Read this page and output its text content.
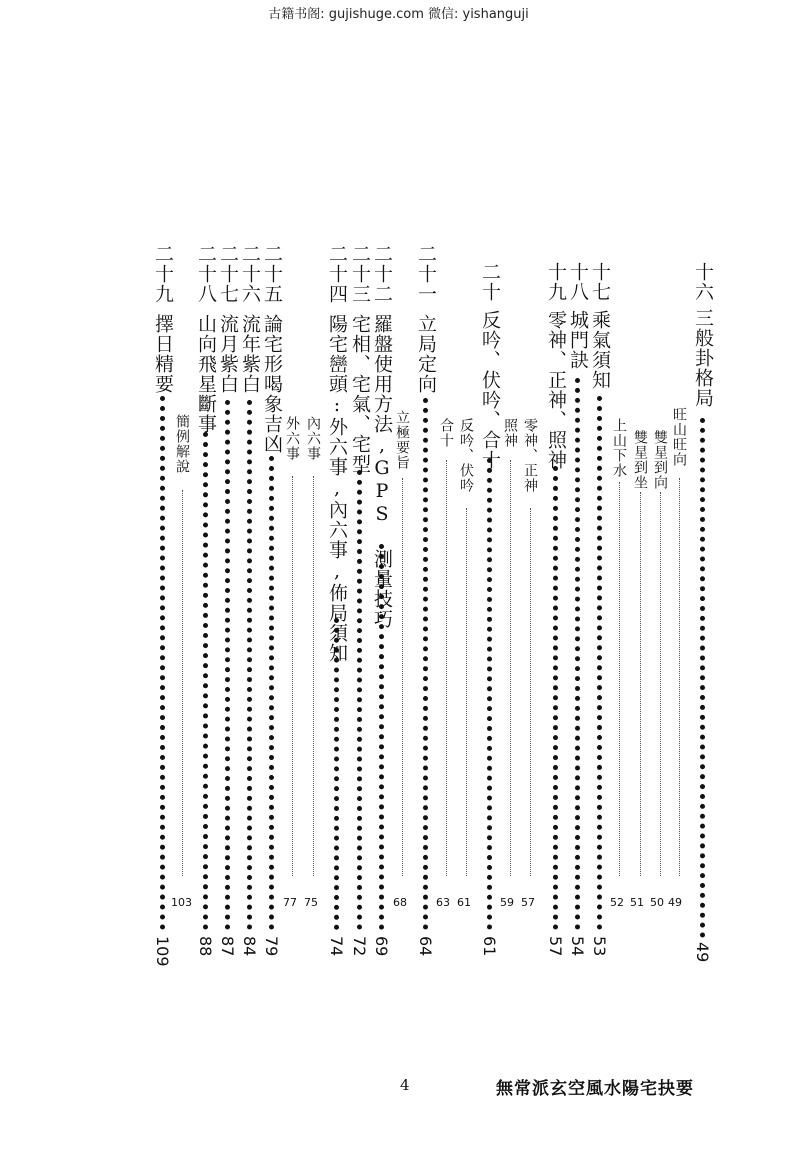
古籍书阁: gujishuge.com 微信: yishanguji
十六
三般卦格局
49
旺山旺向
49
雙星到向
50
雙星到坐
51
上山下水
52
十七
乘氣須知
53
十八
城門訣
54
十九
零神、正神、照神
57
零神、正神
57
照神
59
二十
反吟、伏吟、合十
61
反吟、伏吟
61
合十
63
二十一
立局定向
64
立極要旨
68
二十二
羅盤使用方法,GPS 測量技巧
69
二十三
宅相、宅氣、宅型
72
二十四
陽宅巒頭:外六事,內六事,佈局須知
74
內六事
75
外六事
77
二十五
論宅形喝象吉凶
79
二十六
流年紫白
84
二十七
流月紫白
87
二十八
山向飛星斷事
88
簡例解說
103
二十九
擇日精要
109
4	無常派玄空風水陽宅抉要
